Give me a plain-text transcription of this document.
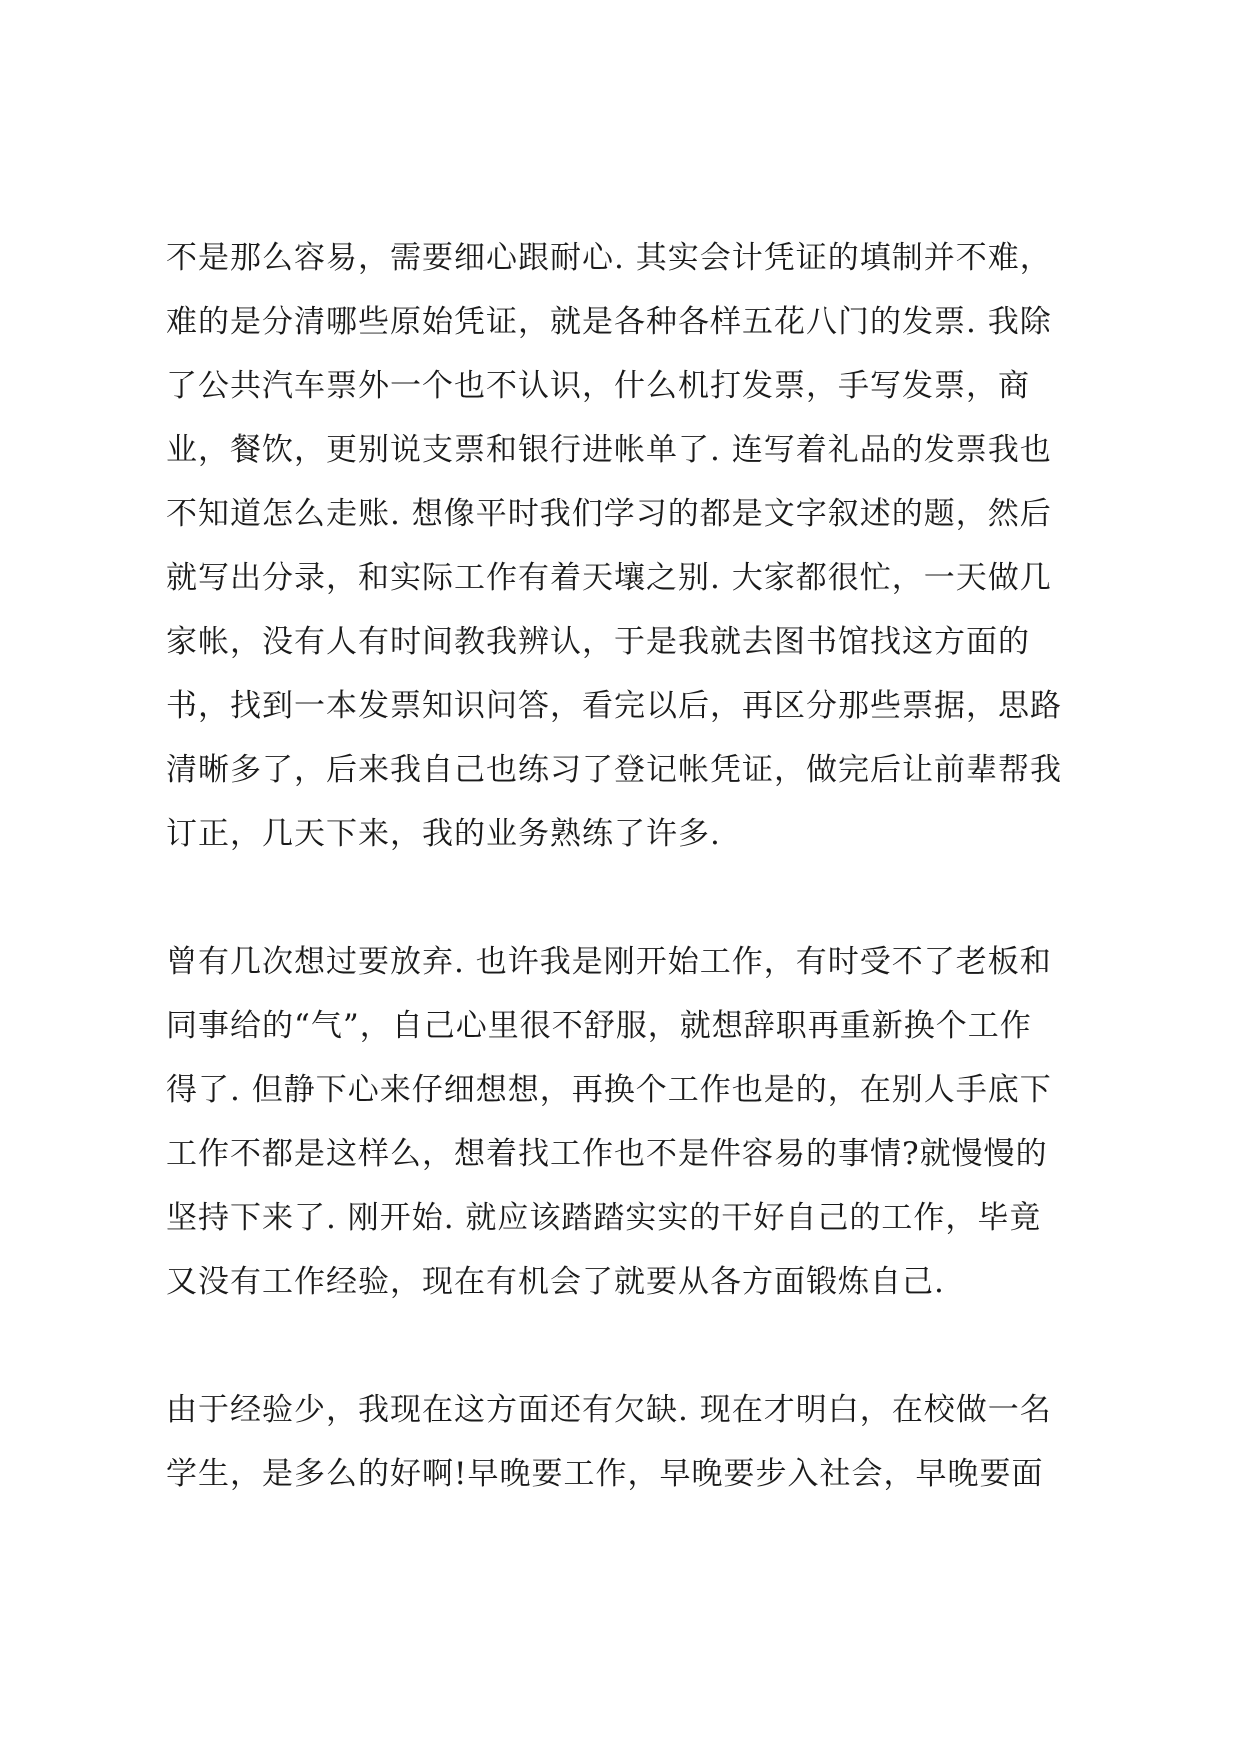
不是那么容易，需要细心跟耐心. 其实会计凭证的填制并不难，
难的是分清哪些原始凭证，就是各种各样五花八门的发票. 我除
了公共汽车票外一个也不认识，什么机打发票，手写发票，商
业，餐饮，更别说支票和银行进帐单了. 连写着礼品的发票我也
不知道怎么走账. 想像平时我们学习的都是文字叙述的题，然后
就写出分录，和实际工作有着天壤之别. 大家都很忙，一天做几
家帐，没有人有时间教我辨认，于是我就去图书馆找这方面的
书，找到一本发票知识问答，看完以后，再区分那些票据，思路
清晰多了，后来我自己也练习了登记帐凭证，做完后让前辈帮我
订正，几天下来，我的业务熟练了许多.
曾有几次想过要放弃. 也许我是刚开始工作，有时受不了老板和
同事给的“气”，自己心里很不舒服，就想辞职再重新换个工作
得了. 但静下心来仔细想想，再换个工作也是的，在别人手底下
工作不都是这样么，想着找工作也不是件容易的事情?就慢慢的
坚持下来了. 刚开始. 就应该踏踏实实的干好自己的工作，毕竟
又没有工作经验，现在有机会了就要从各方面锻炼自己.
由于经验少，我现在这方面还有欠缺. 现在才明白，在校做一名
学生，是多么的好啊!早晚要工作，早晚要步入社会，早晚要面
